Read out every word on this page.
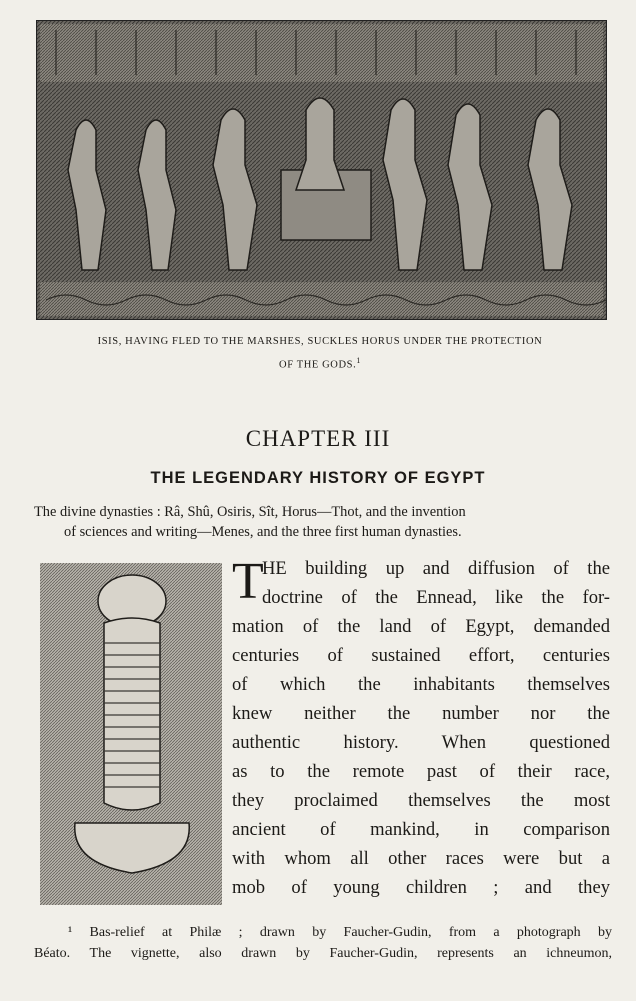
ISIS, HAVING FLED TO THE MARSHES, SUCKLES HORUS UNDER THE PROTECTION
OF THE GODS.$^1$
CHAPTER III
THE LEGENDARY HISTORY OF EGYPT
The divine dynasties : Râ, Shû, Osiris, Sît, Horus—Thot, and the invention
of sciences and writing—Menes, and the three first human dynasties.
T
HE building up and diffusion of the
doctrine of the Ennead, like the for-
mation of the land of Egypt, demanded
centuries of sustained effort, centuries
of which the inhabitants themselves
knew neither the number nor the
authentic history. When questioned
as to the remote past of their race,
they proclaimed themselves the most
ancient of mankind, in comparison
with whom all other races were but a
mob of young children ; and they
¹ Bas-relief at Philæ ; drawn by Faucher-Gudin, from a photograph by
Béato. The vignette, also drawn by Faucher-Gudin, represents an ichneumon,
